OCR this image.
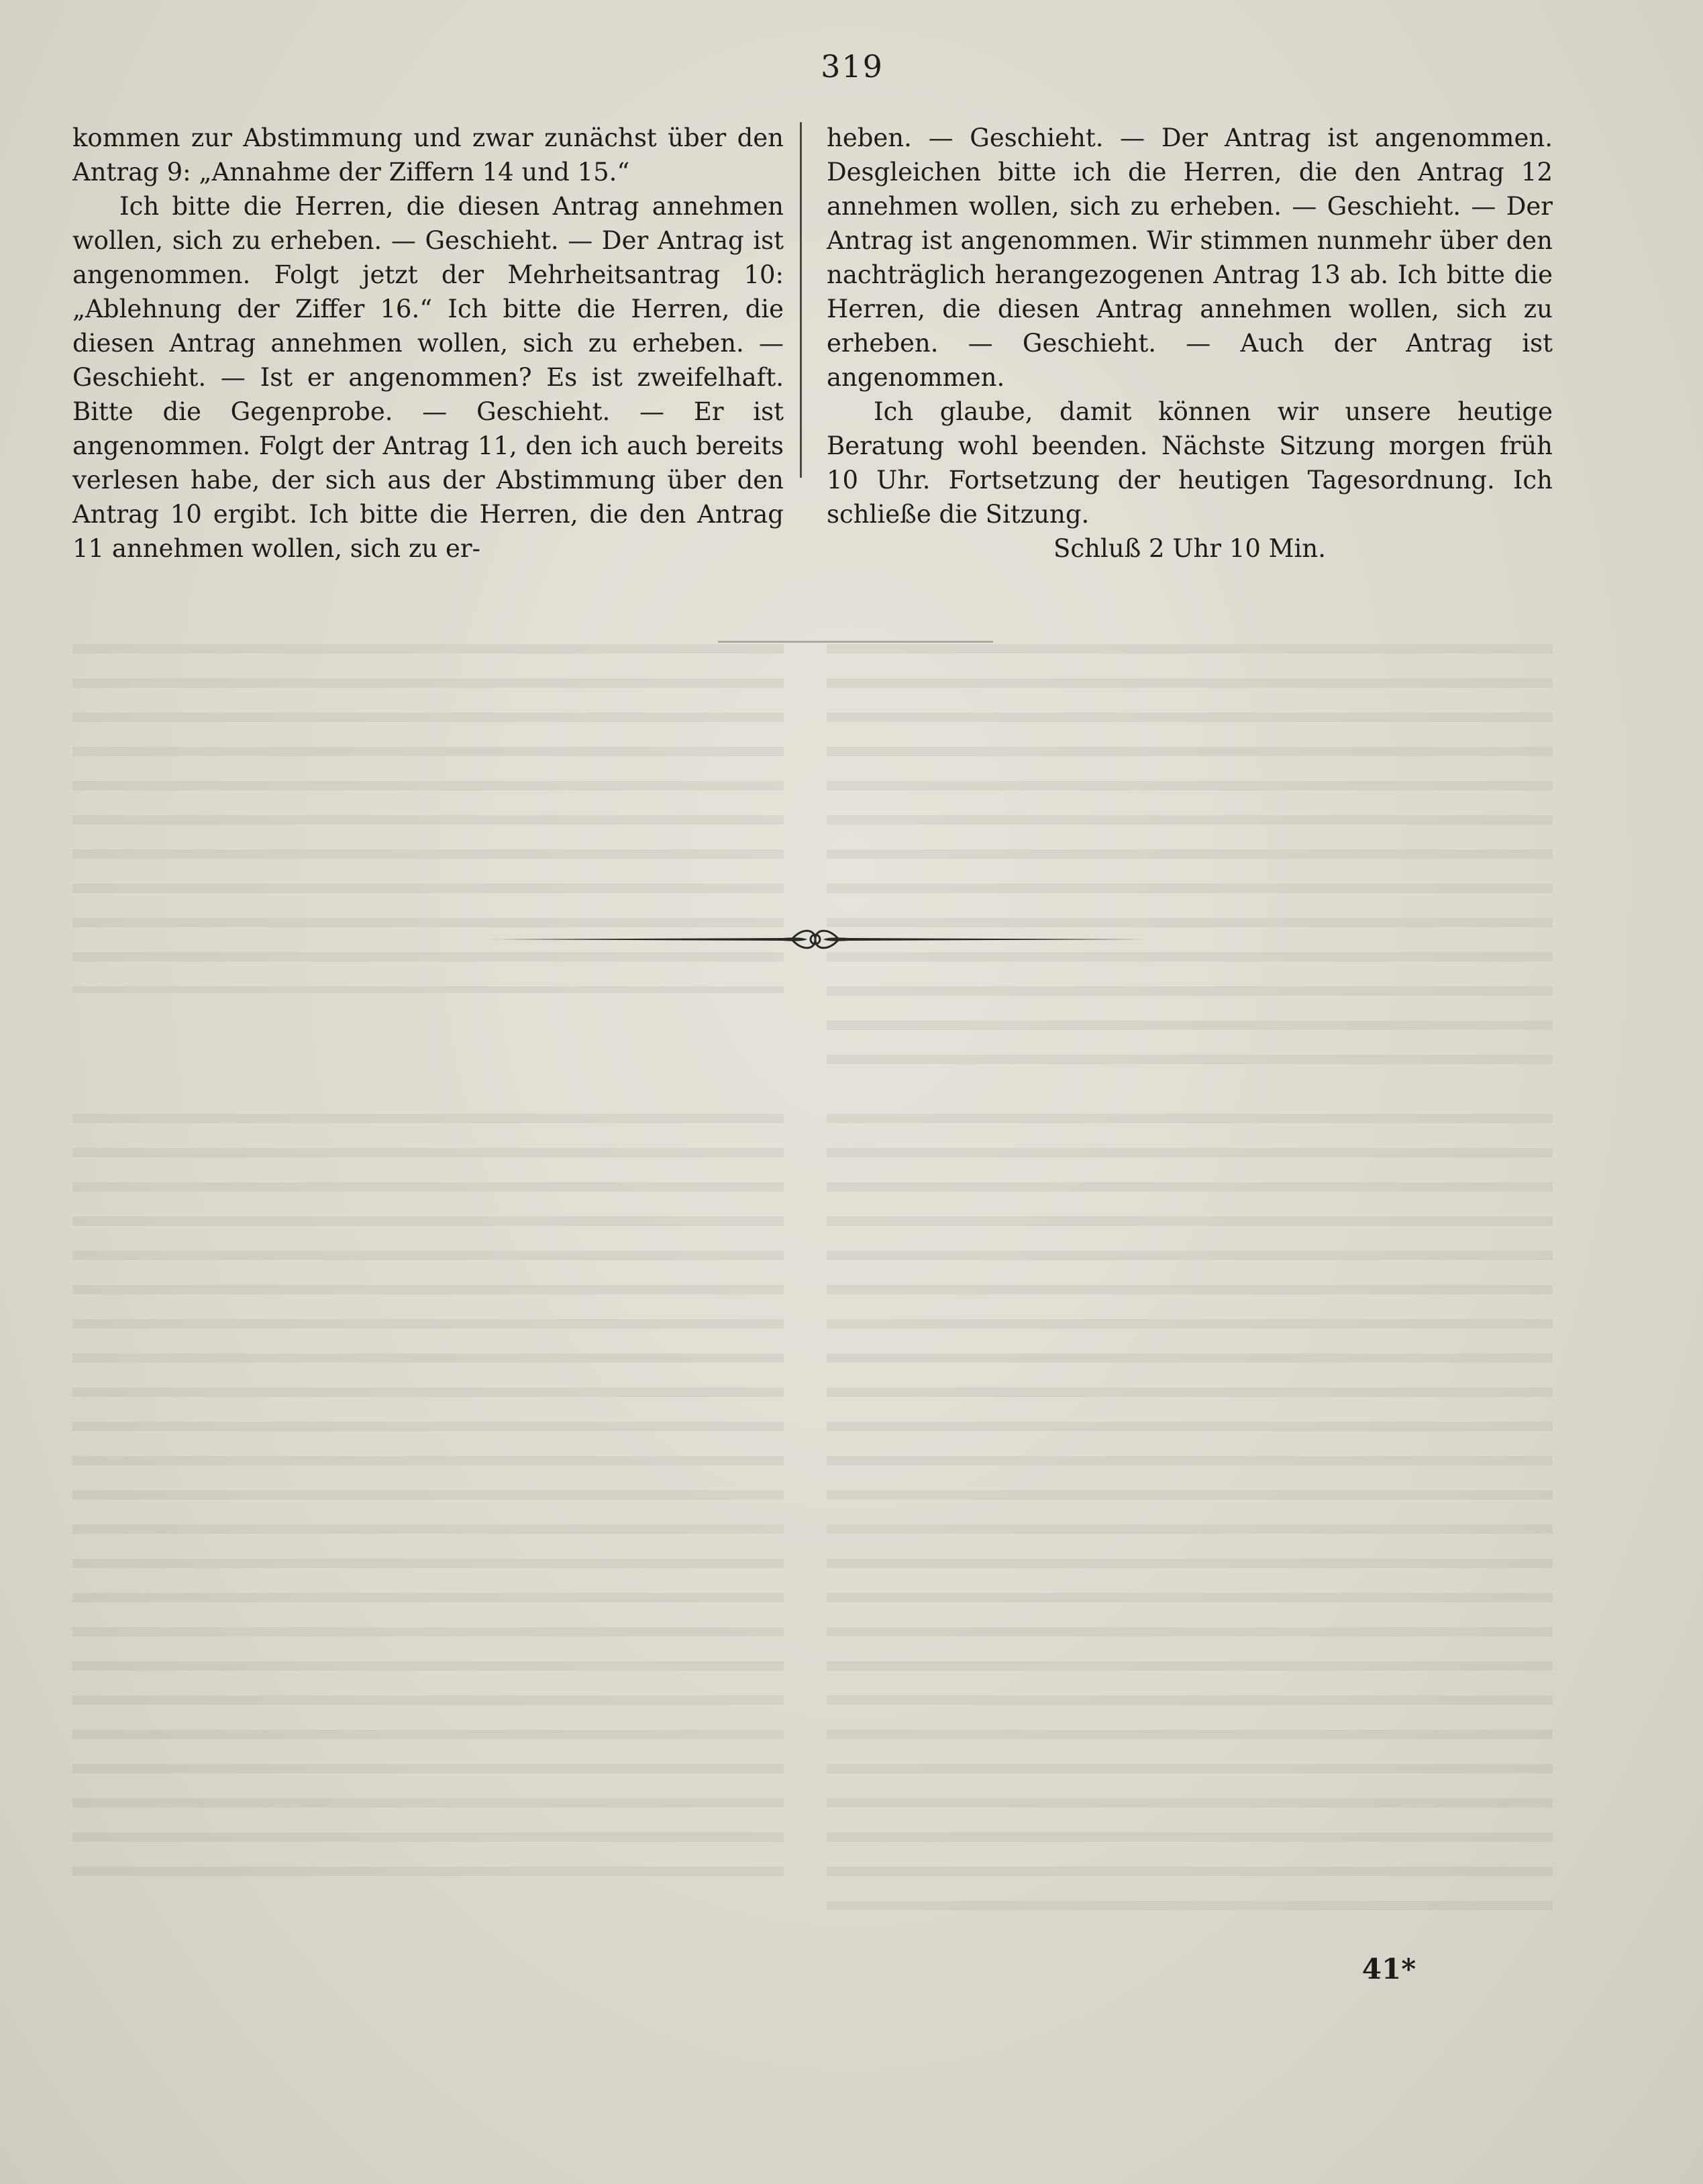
319

kommen zur Abstimmung und zwar zunächst über den Antrag 9: „Annahme der Ziffern 14 und 15.“

Ich bitte die Herren, die diesen Antrag annehmen wollen, sich zu erheben. — Geschieht. — Der Antrag ist angenommen. Folgt jetzt der Mehrheitsantrag 10: „Ablehnung der Ziffer 16.“ Ich bitte die Herren, die diesen Antrag annehmen wollen, sich zu erheben. — Geschieht. — Ist er angenommen? Es ist zweifelhaft. Bitte die Gegenprobe. — Geschieht. — Er ist angenommen. Folgt der Antrag 11, den ich auch bereits verlesen habe, der sich aus der Abstimmung über den Antrag 10 ergibt. Ich bitte die Herren, die den Antrag 11 annehmen wollen, sich zu er-

heben. — Geschieht. — Der Antrag ist angenommen. Desgleichen bitte ich die Herren, die den Antrag 12 annehmen wollen, sich zu erheben. — Geschieht. — Der Antrag ist angenommen. Wir stimmen nunmehr über den nachträglich herangezogenen Antrag 13 ab. Ich bitte die Herren, die diesen Antrag annehmen wollen, sich zu erheben. — Geschieht. — Auch der Antrag ist angenommen.

Ich glaube, damit können wir unsere heutige Beratung wohl beenden. Nächste Sitzung morgen früh 10 Uhr. Fortsetzung der heutigen Tagesordnung. Ich schließe die Sitzung.

Schluß 2 Uhr 10 Min.

41*
